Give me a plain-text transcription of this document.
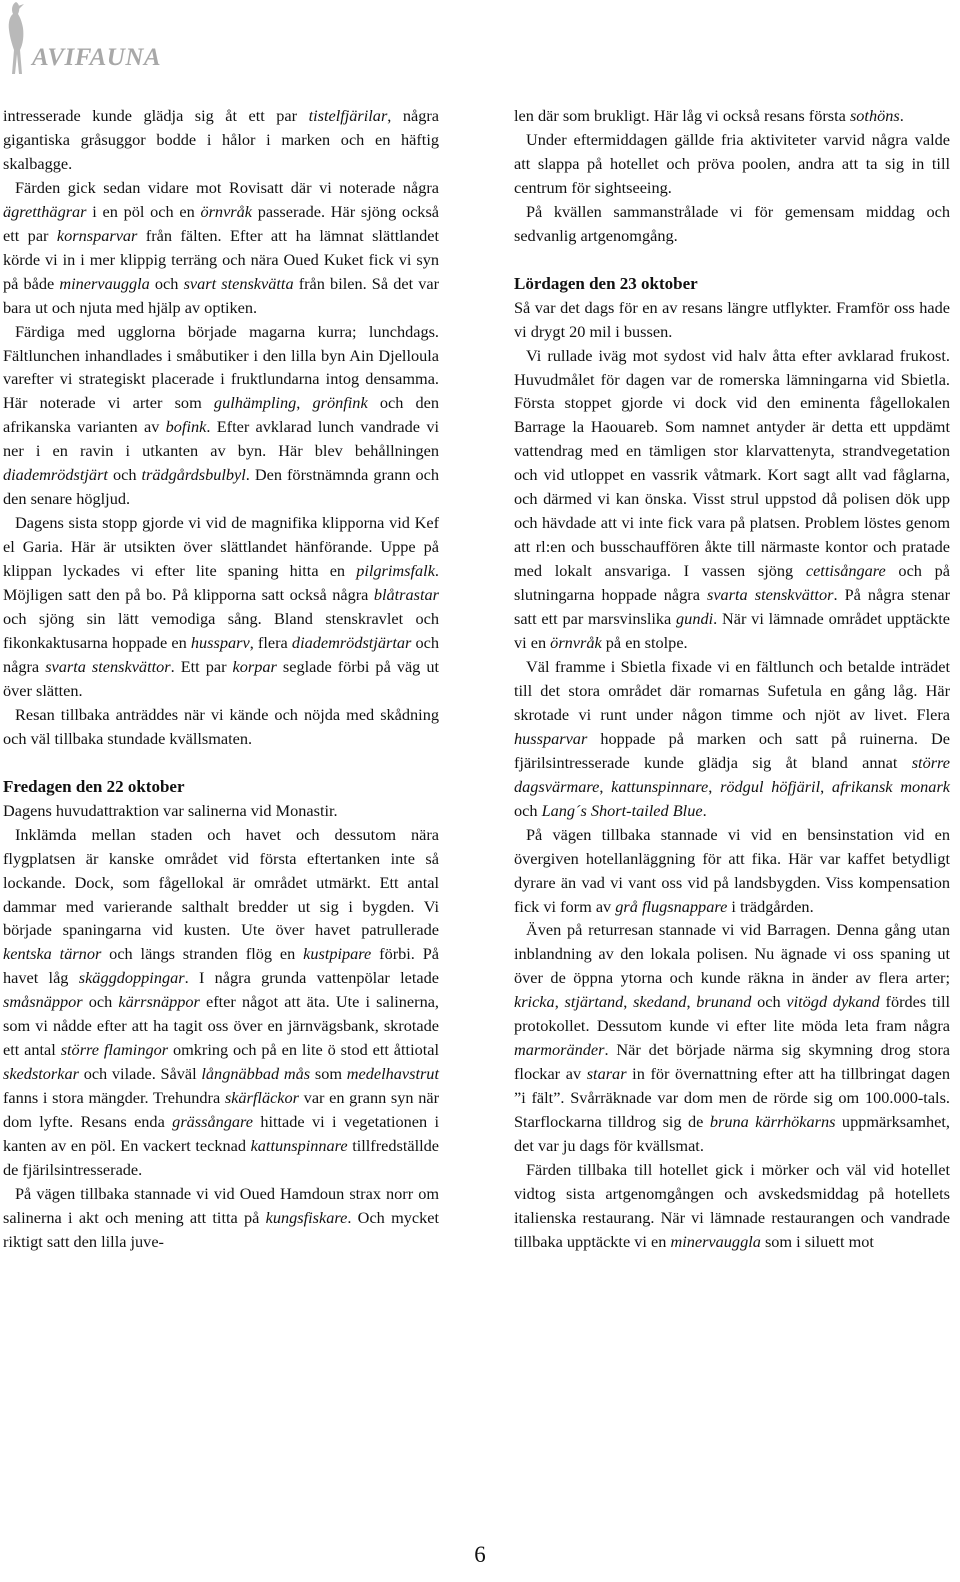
AVIFAUNA

intresserade kunde glädja sig åt ett par tistelfjärilar, några gigantiska gråsuggor bodde i hålor i marken och en häftig skalbagge.

Färden gick sedan vidare mot Rovisatt där vi noterade några ägretthägrar i en pöl och en örnvråk passerade. Här sjöng också ett par kornsparvar från fälten. Efter att ha lämnat slättlandet körde vi in i mer klippig terräng och nära Oued Kuket fick vi syn på både minervauggla och svart stenskvätta från bilen. Så det var bara ut och njuta med hjälp av optiken.

Färdiga med ugglorna började magarna kurra; lunchdags. Fältlunchen inhandlades i småbutiker i den lilla byn Ain Djelloula varefter vi strategiskt placerade i fruktlundarna intog densamma. Här noterade vi arter som gulhämpling, grönfink och den afrikanska varianten av bofink. Efter avklarad lunch vandrade vi ner i en ravin i utkanten av byn. Här blev behållningen diademrödstjärt och trädgårdsbulbyl. Den förstnämnda grann och den senare högljud.

Dagens sista stopp gjorde vi vid de magnifika klipporna vid Kef el Garia. Här är utsikten över slättlandet hänförande. Uppe på klippan lyckades vi efter lite spaning hitta en pilgrimsfalk. Möjligen satt den på bo. På klipporna satt också några blåtrastar och sjöng sin lätt vemodiga sång. Bland stenskravlet och fikonkaktusarna hoppade en hussparv, flera diademrödstjärtar och några svarta stenskvättor. Ett par korpar seglade förbi på väg ut över slätten.

Resan tillbaka anträddes när vi kände och nöjda med skådning och väl tillbaka stundade kvällsmaten.

Fredagen den 22 oktober

Dagens huvudattraktion var salinerna vid Monastir.

Inklämda mellan staden och havet och dessutom nära flygplatsen är kanske området vid första eftertanken inte så lockande. Dock, som fågellokal är området utmärkt. Ett antal dammar med varierande salthalt bredder ut sig i bygden. Vi började spaningarna vid kusten. Ute över havet patrullerade kentska tärnor och längs stranden flög en kustpipare förbi. På havet låg skäggdoppingar. I några grunda vattenpölar letade småsnäppor och kärrsnäppor efter något att äta. Ute i salinerna, som vi nådde efter att ha tagit oss över en järnvägsbank, skrotade ett antal större flamingor omkring och på en lite ö stod ett åttiotal skedstorkar och vilade. Såväl långnäbbad mås som medelhavstrut fanns i stora mängder. Trehundra skärfläckor var en grann syn när dom lyfte. Resans enda grässångare hittade vi i vegetationen i kanten av en pöl. En vackert tecknad kattunspinnare tillfredställde de fjärilsintresserade.

På vägen tillbaka stannade vi vid Oued Hamdoun strax norr om salinerna i akt och mening att titta på kungsfiskare. Och mycket riktigt satt den lilla juve-

len där som brukligt. Här låg vi också resans första sothöns.

Under eftermiddagen gällde fria aktiviteter varvid några valde att slappa på hotellet och pröva poolen, andra att ta sig in till centrum för sightseeing.

På kvällen sammanstrålade vi för gemensam middag och sedvanlig artgenomgång.

Lördagen den 23 oktober

Så var det dags för en av resans längre utflykter. Framför oss hade vi drygt 20 mil i bussen.

Vi rullade iväg mot sydost vid halv åtta efter avklarad frukost. Huvudmålet för dagen var de romerska lämningarna vid Sbietla. Första stoppet gjorde vi dock vid den eminenta fågellokalen Barrage la Haouareb. Som namnet antyder är detta ett uppdämt vattendrag med en tämligen stor klarvattenyta, strandvegetation och vid utloppet en vassrik våtmark. Kort sagt allt vad fåglarna, och därmed vi kan önska. Visst strul uppstod då polisen dök upp och hävdade att vi inte fick vara på platsen. Problem löstes genom att rl:en och busschauffören åkte till närmaste kontor och pratade med lokalt ansvariga. I vassen sjöng cettisångare och på slutningarna hoppade några svarta stenskvättor. På några stenar satt ett par marsvinslika gundi. När vi lämnade området upptäckte vi en örnvråk på en stolpe.

Väl framme i Sbietla fixade vi en fältlunch och betalde inträdet till det stora området där romarnas Sufetula en gång låg. Här skrotade vi runt under någon timme och njöt av livet. Flera hussparvar hoppade på marken och satt på ruinerna. De fjärilsintresserade kunde glädja sig åt bland annat större dagsvärmare, kattunspinnare, rödgul höfjäril, afrikansk monark och Lang´s Short-tailed Blue.

På vägen tillbaka stannade vi vid en bensinstation vid en övergiven hotellanläggning för att fika. Här var kaffet betydligt dyrare än vad vi vant oss vid på landsbygden. Viss kompensation fick vi form av grå flugsnappare i trädgården.

Även på returresan stannade vi vid Barragen. Denna gång utan inblandning av den lokala polisen. Nu ägnade vi oss spaning ut över de öppna ytorna och kunde räkna in änder av flera arter; kricka, stjärtand, skedand, brunand och vitögd dykand fördes till protokollet. Dessutom kunde vi efter lite möda leta fram några marmoränder. När det började närma sig skymning drog stora flockar av starar in för övernattning efter att ha tillbringat dagen ”i fält”. Svårräknade var dom men de rörde sig om 100.000-tals. Starflockarna tilldrog sig de bruna kärrhökarns uppmärksamhet, det var ju dags för kvällsmat.

Färden tillbaka till hotellet gick i mörker och väl vid hotellet vidtog sista artgenomgången och avskedsmiddag på hotellets italienska restaurang. När vi lämnade restaurangen och vandrade tillbaka upptäckte vi en minervauggla som i siluett mot

6
